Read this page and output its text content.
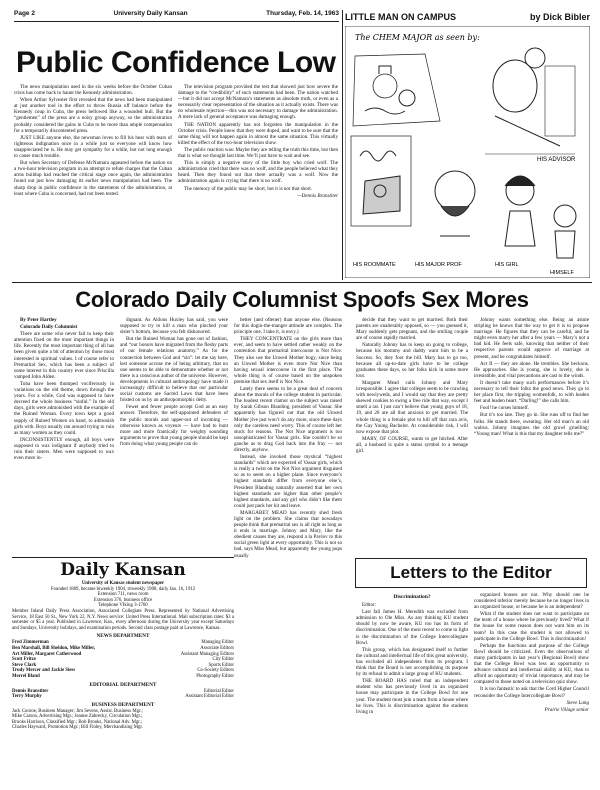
Page 2	University Daily Kansan	Thursday, Feb. 14, 1963
Public Confidence Low

The news manipulation used in the six weeks before the October Cuban crisis has come back to haunt the Kennedy administration.

When Arthur Sylvester first revealed that the news had been manipulated at just another tool in the effort to throw Russia off balance before the Kennedy coup in Cuba, the press bellowed like a wounded bull. But the “gentlemen” of the press are a noisy group anyway, so the administration probably considered the gains in Cuba to be more than ample compensation for a temporarily discontented press.

JUST LIKE anyone else, the newsman loves to fill his hear with tears of righteous indignation once in a while just so everyone will know how unappreciated he is. He may get sympathy for a while, but not long enough to cause much trouble.

But when Secretary of Defense McNamara appeared before the nation on a two-hour television program in an attempt to refute charges that the Cuban arms buildup had reached the critical stage once again, the administration found out just how damaging its earlier news manipulation had been. The sharp drop in public confidence in the statements of the administration, at least where Cuba is concerned, had not been tested.

The television program provided the test that showed just how severe the damage to the “credibility” of such statements had been. The nation watched—but it did not accept McNamara’s statements as absolute truth, or even as a necessarily clear representation of the situation as it actually exists. There was no wholesale rejection—this was not necessary to damage the administration. A mere lack of general acceptance was damaging enough.

THE NATION apparently has not forgotten the manipulation in the October crisis. People knew that they were duped, and want to be sure that the same thing will not happen again in almost the same situation. This virtually killed the effect of the two-hour television show.

The public reaction was: Maybe they are telling the truth this time, but then that is what we thought last time. We’ll just have to wait and see.

This is simply a negative story of the little boy who cried wolf. The administration cried that there was no wolf, and the people believed what they heard. Then they found out that there actually was a wolf. Now the administration again is crying that there is no wolf.

The memory of the public may be short, but it is not that short.

—Dennis Branstiter

LITTLE MAN ON CAMPUS	by Dick Bibler
The CHEM MAJOR as seen by:
HIS ADVISOR
HIS ROOMMATE	HIS MAJOR PROF	HIS GIRL
HIMSELF
Colorado Daily Columnist Spoofs Sex Mores

By Peter Hartley

Colorado Daily Columnist

There are some who never fail to keep their attention fixed on the most important things in life. Recently the most important thing of all has been given quite a bit of attention by those most interested in spiritual values. I of course refer to Premarital Sex, which has been a subject of some interest in this country ever since Priscilla vamped John Alden.

Tuba have been thumped vociferously in variations on the old theme, down through the years. For a while, God was supposed to have decreed the whole business “sinful.” In the old days, girls were admonished with the example of the Ruined Woman. Every town kept a good supply of Ruined Women on hand, to admonish girls with. Boys usually ran around trying to ruin as many women as they could.

INCONSISTENTLY enough, all boys were supposed to wax indignant if anybody tried to ruin their sisters. Men were supposed to wax even more in-

dignant. As Aldous Huxley has said, you were supposed to try to kill a man who pinched your sister’s bottom, because you felt dishonored.

But the Ruined Woman has gone out of fashion, and “our honors have migrated from the fleshy parts of our female relations anatomy.” As for the connection between God and “sin”: let me say here, lest someone accuse me of being arbitrary, that no one seems to be able to demonstrate whether or not there is a conscious author of the universe. However, developments in cultural anthropology have made it increasingly difficult to believe that our particular social customs are Sacred Laws that have been foisted on us by an anthropomorphic deity.

Fewer and fewer people accept God as an easy answer. Therefore, the self-appointed defenders of the public morals and upper-out of incoming — otherwise known as voyeurs — have had to hunt more and more frantically for weighty sounding arguments to prove that young people should be kept from doing what young people can do

better (and oftener) than anyone else. (Reasons for this dogin-the-manger attitude are complex. The principle one, I take it, is envy.)

THEY CONCENTRATE on the girls more than ever, and seem to have settled rather weakly on the contention that premarital intercourse is Not Nice. They also use the Unwed Mother bogy, since being an Unwed Mother is even more Not Nice than having sexual intercourse in the first place. The whole thing is of course based on the unspoken premise that sex itself is Not Nice.

Lately there seems to be a great deal of concern about the morals of the college student in particular. The loudest recent clamor on the subject was raised by Sarah Gibson Blanding, president of Vassar. She apparently has figured out that the old Unwed Mother jive just won’t do any more, since these days only the careless need worry. This of course left her stuck for reasons. The Not Nice argument is too unsophisticated for Vassar girls. She couldn’t be so gauche as to drag God back into the fray — not directly, anyhow.

Instead, she invoked those mystical “highest standards” which are expected of Vassar girls, which is really a twist on the Not Nice argument disguised so as to seem on a higher plane. Since everyone’s highest standards differ from everyone else’s, President Blanding naturally asserted that her own highest standards are higher than other people’s highest standards, and any girl who didn’t like them could just pack her kit and leave.

MARGARET MEAD has recently shed fresh light on the problem. She claims that nowadays people think that premarital sex is all right as long as it ends in marriage. Johnny and Mary, like the obedient causes they are, respond a la Pavlov to this social green light at every opportunity. This is not so bad, says Miss Mead, but apparently the young pups usually

decide that they want to get married. Both their parents are unalterably opposed, so — you guessed it, Mary suddenly gets pregnant, and the smiling couple are of course rapidly married.

Naturally Johnny has to keep on going to college, because his mommy and daddy want him to be a Success. So, they foot the bill. Mary has to go too, because all up-to-date girls have to be college graduates these days, so her folks kick in some more loot.

Margaret Mead calls Johnny and Mary irresponsible. I agree that colleges seem to be crawling with newlyweds, and I would say that they are pretty skewed cookies to swing a free ride that way, except I smell a rat. I just can’t believe that young guys of 18, 19, and 20 are all that anxious to get married. The whole thing is a female plot to kill off that rara avis, the Gay Young Bachelor. At considerable risk, I will now expose that plot.

MARY, OF COURSE, wants to get hitched. After all, a husband is quite a status symbol to a teenage girl.

Johnny wants something else. Being an astute stripling he knows that the way to get it is to propose marriage. He figures that they can be careful, and he might even marry her after a few years — Mary’s not a bad kid. He feels safe, knowing that neither of their respective parents would approve of marriage at present, and he congratulates himself.

Act II — they are alone. He trembles. She beckons. He approaches. She is young, she is lovely, she is irresistible, and vital precautions are cast to the winds.

It doesn’t take many such performances before it’s necessary to tell their folks the good news. They go to her place first, the tripping womenfolk, to with leaden feet and leaden heart. “Darling!” she calls him.

Fool! he curses himself.

But it’s too late. They go in. She runs off to find her folks. He stands there, sweating. Her old man’s an old walrus. Johnny imagines the old growl gruelling: “Young man! What is this that my daughter tells me?”

Daily Kansan
University of Kansas student newspaper
Founded 1889, became biweekly 1904, triweekly 1908, daily Jan. 16, 1912
Extension 711, news room
Extension 376, business office
Telephone VIking 3-1760
Member Inland Daily Press Association, Associated Collegiate Press. Represented by National Advertising Service, 18 East 50 St., New York 22, N.Y. News service: United Press International. Mail subscription rates: $3 a semester or $5 a year. Published in Lawrence, Kan., every afternoon during the University year except Saturdays and Sundays, University holidays, and examination periods. Second class postage paid at Lawrence, Kansas.
NEWS DEPARTMENT
Fred Zimmerman	Managing Editor
Ben Marshall, Bill Sheldon, Mike Miller,	Associate Editors
Art Miller, Margaret Catherwood	Assistant Managing Editors
Scott Fritze	City Editor
Steve Clark	Sports Editor
Trudy Mercer and Jackie Siess	Co-Society Editors
Merrel Bland	Photography Editor
EDITORIAL DEPARTMENT
Dennis Branstiter	Editorial Editor
Terry Murphy	Assistant Editorial Editor
BUSINESS DEPARTMENT
Jack Conroe, Business Manager; Jim Sevens, Assist. Business Mgr.;
Mike Carson, Advertising Mgr.; Jeanne Zabrecky, Circulation Mgr.;
Brooks Harrison, Classified Mgr.; Bob Brooks, National Adv. Mgr.;
Charles Hayward, Promotion Mgr.; Bill Finley, Merchandising Mgr.
Letters to the Editor
Discrimination?

Editor:

Last fall James H. Meredith was excluded from admission to Ole Miss. As any thinking KU student should by now be aware, KU too has its form of discrimination. One of the most recent to come to light is the discrimination of the College Intercollegiate Bowl.

This group, which has designated itself to further the cultural and intellectual life of this great university, has excluded all independents from its program. I think that the Board is not accomplishing its purpose by its refusal to admit a large group of KU students.

THE BOARD HAS ruled that an independent student who has previously lived in an organized house may participate in the College Bowl for one year. The student must join a team from a house where he lives. This is discrimination against the students living in

organized houses are not. Why should one be considered inferior merely because he no longer lives in an organized house, or because he is an independent?

What if the student does not want to participate on the team of a house where he previously lived? What if the house for some reason does not want him on its team? In this case the student is not allowed to participate in the College Bowl. This is discrimination!

Perhaps the functions and purpose of the College Bowl should be criticized. Even the observations of many participants in last year’s (Regional Bowl) show that the College Bowl was less an opportunity to advance cultural and intellectual ability at KU, than to afford an opportunity of trivial importance, and may be compared to those noted on a television quiz show.

It is too fantastic to ask that the Cord Higher Council reconsider the College Intercollegiate Bowl?

Steve Lang

Prairie Village senior
